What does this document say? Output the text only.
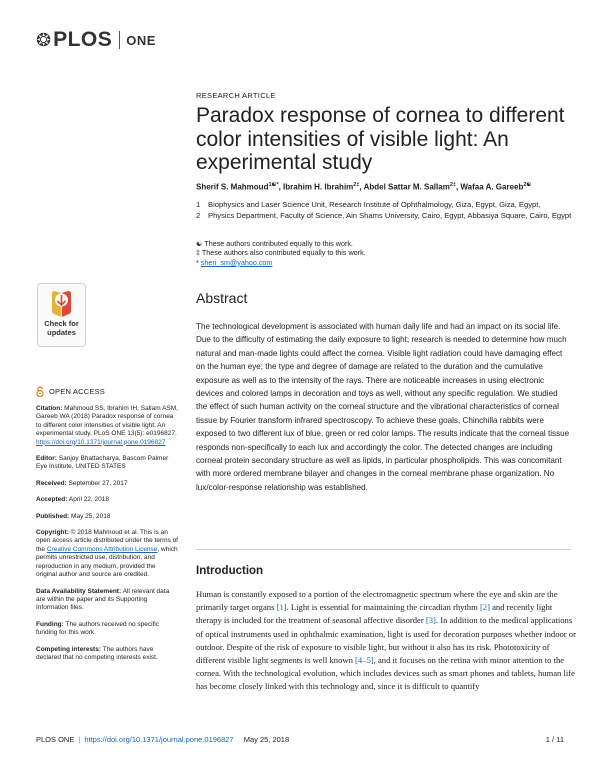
❂ PLOS ONE
RESEARCH ARTICLE
Paradox response of cornea to different color intensities of visible light: An experimental study
Sherif S. Mahmoud$^{1☯*}$, Ibrahim H. Ibrahim$^{2\ddagger}$, Abdel Sattar M. Sallam$^{2\ddagger}$, Wafaa A. Gareeb$^{2☯}$
1	Biophysics and Laser Science Unit, Research Institute of Ophthalmology, Giza, Egypt, Giza, Egypt,
2	Physics Department, Faculty of Science, Ain Shams University, Cairo, Egypt, Abbasiya Square, Cairo, Egypt
☯ These authors contributed equally to this work.
‡ These authors also contributed equally to this work.
* sheri_sm@yahoo.com
Check for
updates
OPEN ACCESS
Citation: Mahmoud SS, Ibrahim IH, Sallam ASM, Gareeb WA (2018) Paradox response of cornea to different color intensities of visible light: An experimental study. PLoS ONE 13(5): e0196827. https://doi.org/10.1371/journal.pone.0196827
Editor: Sanjoy Bhattacharya, Bascom Palmer Eye Institute, UNITED STATES
Received: September 27, 2017
Accepted: April 22, 2018
Published: May 25, 2018
Copyright: © 2018 Mahmoud et al. This is an open access article distributed under the terms of the Creative Commons Attribution License, which permits unrestricted use, distribution, and reproduction in any medium, provided the original author and source are credited.
Data Availability Statement: All relevant data are within the paper and its Supporting Information files.
Funding: The authors received no specific funding for this work.
Competing interests: The authors have declared that no competing interests exist.
Abstract
The technological development is associated with human daily life and had an impact on its social life. Due to the difficulty of estimating the daily exposure to light; research is needed to determine how much natural and man-made lights could affect the cornea. Visible light radiation could have damaging effect on the human eye; the type and degree of damage are related to the duration and the cumulative exposure as well as to the intensity of the rays. There are noticeable increases in using electronic devices and colored lamps in decoration and toys as well, without any specific regulation. We studied the effect of such human activity on the corneal structure and the vibrational characteristics of corneal tissue by Fourier transform infrared spectroscopy. To achieve these goals, Chinchilla rabbits were exposed to two different lux of blue, green or red color lamps. The results indicate that the corneal tissue responds non-specifically to each lux and accordingly the color. The detected changes are including corneal protein secondary structure as well as lipids, in particular phospholipids. This was concomitant with more ordered membrane bilayer and changes in the corneal membrane phase organization. No lux/color-response relationship was established.
Introduction
Human is constantly exposed to a portion of the electromagnetic spectrum where the eye and skin are the primarily target organs [1]. Light is essential for maintaining the circadian rhythm [2] and recently light therapy is included for the treatment of seasonal affective disorder [3]. In addition to the medical applications of optical instruments used in ophthalmic examination, light is used for decoration purposes whether indoor or outdoor. Despite of the risk of exposure to visible light, but without it also has its risk. Phototoxicity of different visible light segments is well known [4–5], and it focuses on the retina with minor attention to the cornea. With the technological evolution, which includes devices such as smart phones and tablets, human life has become closely linked with this technology and, since it is difficult to quantify
PLOS ONE | https://doi.org/10.1371/journal.pone.0196827 May 25, 2018	1 / 11
